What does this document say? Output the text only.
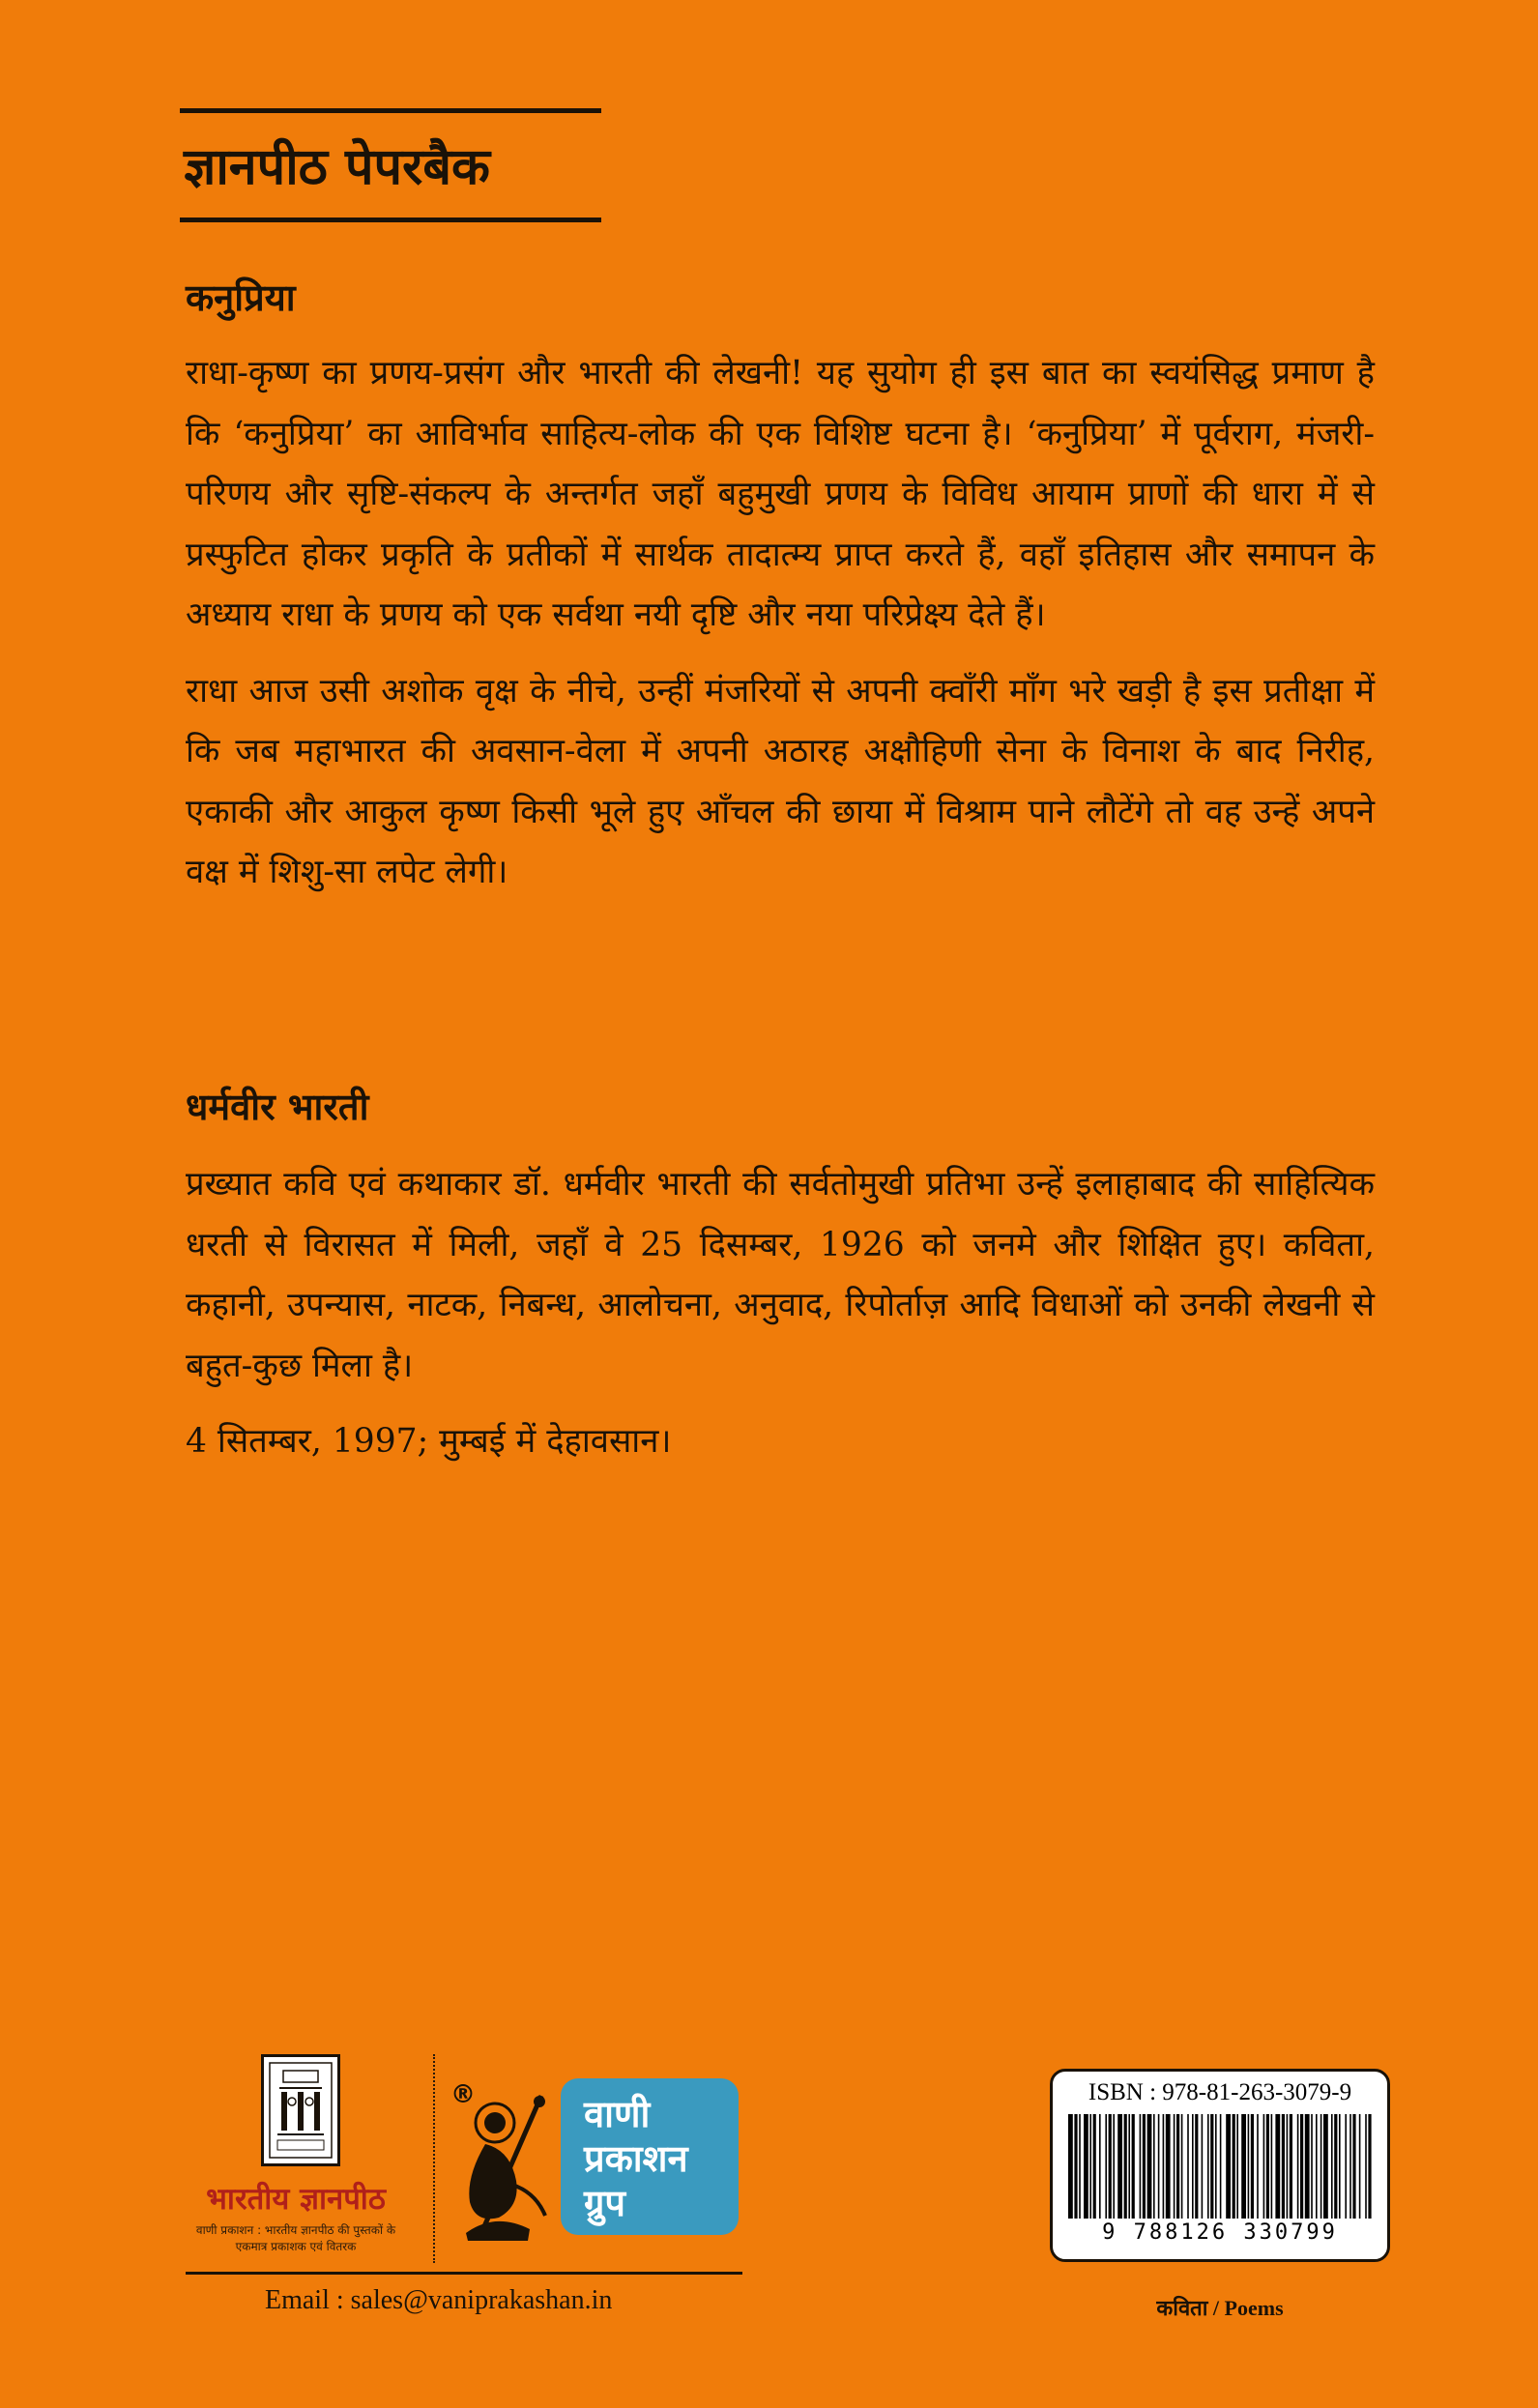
ज्ञानपीठ पेपरबैक
कनुप्रिया

राधा-कृष्ण का प्रणय-प्रसंग और भारती की लेखनी! यह सुयोग ही इस बात का स्वयंसिद्ध प्रमाण है कि ‘कनुप्रिया’ का आविर्भाव साहित्य-लोक की एक विशिष्ट घटना है। ‘कनुप्रिया’ में पूर्वराग, मंजरी-परिणय और सृष्टि-संकल्प के अन्तर्गत जहाँ बहुमुखी प्रणय के विविध आयाम प्राणों की धारा में से प्रस्फुटित होकर प्रकृति के प्रतीकों में सार्थक तादात्म्य प्राप्त करते हैं, वहाँ इतिहास और समापन के अध्याय राधा के प्रणय को एक सर्वथा नयी दृष्टि और नया परिप्रेक्ष्य देते हैं।

राधा आज उसी अशोक वृक्ष के नीचे, उन्हीं मंजरियों से अपनी क्वाँरी माँग भरे खड़ी है इस प्रतीक्षा में कि जब महाभारत की अवसान-वेला में अपनी अठारह अक्षौहिणी सेना के विनाश के बाद निरीह, एकाकी और आकुल कृष्ण किसी भूले हुए आँचल की छाया में विश्राम पाने लौटेंगे तो वह उन्हें अपने वक्ष में शिशु-सा लपेट लेगी।

धर्मवीर भारती

प्रख्यात कवि एवं कथाकार डॉ. धर्मवीर भारती की सर्वतोमुखी प्रतिभा उन्हें इलाहाबाद की साहित्यिक धरती से विरासत में मिली, जहाँ वे 25 दिसम्बर, 1926 को जनमे और शिक्षित हुए। कविता, कहानी, उपन्यास, नाटक, निबन्ध, आलोचना, अनुवाद, रिपोर्ताज़ आदि विधाओं को उनकी लेखनी से बहुत-कुछ मिला है।

4 सितम्बर, 1997; मुम्बई में देहावसान।

भारतीय ज्ञानपीठ
वाणी प्रकाशन : भारतीय ज्ञानपीठ की पुस्तकों के एकमात्र प्रकाशक एवं वितरक
®	वाणी प्रकाशन ग्रुप

Email : sales@vaniprakashan.in
ISBN : 978-81-263-3079-9
9 788126 330799
कविता / Poems
